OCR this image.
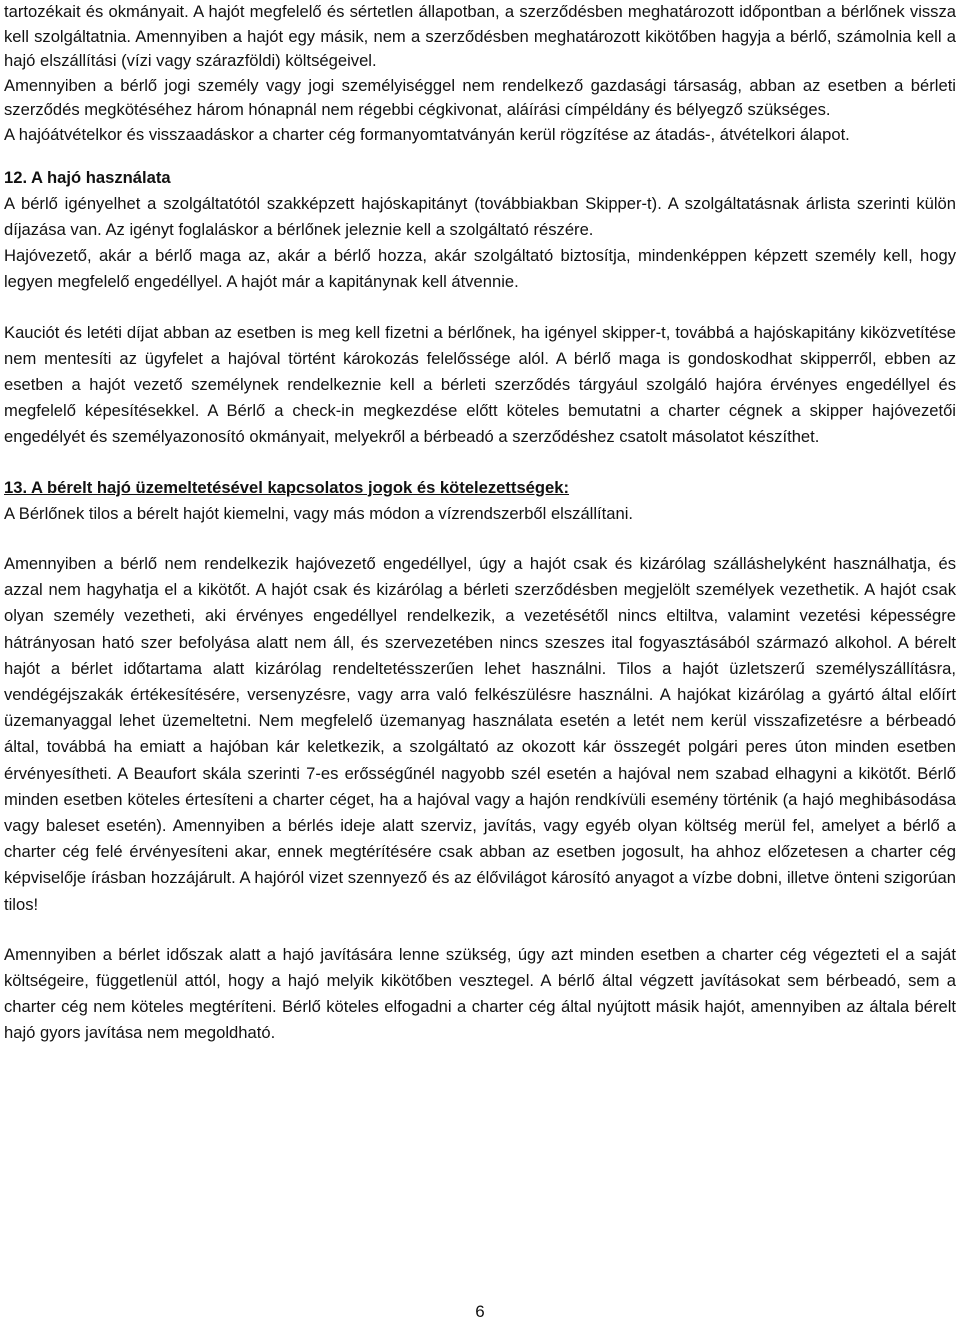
tartozékait és okmányait. A hajót megfelelő és sértetlen állapotban, a szerződésben meghatározott időpontban a bérlőnek vissza kell szolgáltatnia. Amennyiben a hajót egy másik, nem a szerződésben meghatározott kikötőben hagyja a bérlő, számolnia kell a hajó elszállítási (vízi vagy szárazföldi) költségeivel.

Amennyiben a bérlő jogi személy vagy jogi személyiséggel nem rendelkező gazdasági társaság, abban az esetben a bérleti szerződés megkötéséhez három hónapnál nem régebbi cégkivonat, aláírási címpéldány és bélyegző szükséges.

A hajóátvételkor és visszaadáskor a charter cég formanyomtatványán kerül rögzítése az átadás-, átvételkori álapot.

12. A hajó használata

A bérlő igényelhet a szolgáltatótól szakképzett hajóskapitányt (továbbiakban Skipper-t). A szolgáltatásnak árlista szerinti külön díjazása van. Az igényt foglaláskor a bérlőnek jeleznie kell a szolgáltató részére.

Hajóvezető, akár a bérlő maga az, akár a bérlő hozza, akár szolgáltató biztosítja, mindenképpen képzett személy kell, hogy legyen megfelelő engedéllyel. A hajót már a kapitánynak kell átvennie.

Kauciót és letéti díjat abban az esetben is meg kell fizetni a bérlőnek, ha igényel skipper-t, továbbá a hajóskapitány kiközvetítése nem mentesíti az ügyfelet a hajóval történt károkozás felelőssége alól. A bérlő maga is gondoskodhat skipperről, ebben az esetben a hajót vezető személynek rendelkeznie kell a bérleti szerződés tárgyául szolgáló hajóra érvényes engedéllyel és megfelelő képesítésekkel. A Bérlő a check-in megkezdése előtt köteles bemutatni a charter cégnek a skipper hajóvezetői engedélyét és személyazonosító okmányait, melyekről a bérbeadó a szerződéshez csatolt másolatot készíthet.

13. A bérelt hajó üzemeltetésével kapcsolatos jogok és kötelezettségek:

A Bérlőnek tilos a bérelt hajót kiemelni, vagy más módon a vízrendszerből elszállítani.

Amennyiben a bérlő nem rendelkezik hajóvezető engedéllyel, úgy a hajót csak és kizárólag szálláshelyként használhatja, és azzal nem hagyhatja el a kikötőt. A hajót csak és kizárólag a bérleti szerződésben megjelölt személyek vezethetik. A hajót csak olyan személy vezetheti, aki érvényes engedéllyel rendelkezik, a vezetésétől nincs eltiltva, valamint vezetési képességre hátrányosan ható szer befolyása alatt nem áll, és szervezetében nincs szeszes ital fogyasztásából származó alkohol. A bérelt hajót a bérlet időtartama alatt kizárólag rendeltetésszerűen lehet használni. Tilos a hajót üzletszerű személyszállításra, vendégéjszakák értékesítésére, versenyzésre, vagy arra való felkészülésre használni. A hajókat kizárólag a gyártó által előírt üzemanyaggal lehet üzemeltetni. Nem megfelelő üzemanyag használata esetén a letét nem kerül visszafizetésre a bérbeadó által, továbbá ha emiatt a hajóban kár keletkezik, a szolgáltató az okozott kár összegét polgári peres úton minden esetben érvényesítheti. A Beaufort skála szerinti 7-es erősségűnél nagyobb szél esetén a hajóval nem szabad elhagyni a kikötőt. Bérlő minden esetben köteles értesíteni a charter céget, ha a hajóval vagy a hajón rendkívüli esemény történik (a hajó meghibásodása vagy baleset esetén). Amennyiben a bérlés ideje alatt szerviz, javítás, vagy egyéb olyan költség merül fel, amelyet a bérlő a charter cég felé érvényesíteni akar, ennek megtérítésére csak abban az esetben jogosult, ha ahhoz előzetesen a charter cég képviselője írásban hozzájárult. A hajóról vizet szennyező és az élővilágot károsító anyagot a vízbe dobni, illetve önteni szigorúan tilos!

Amennyiben a bérlet időszak alatt a hajó javítására lenne szükség, úgy azt minden esetben a charter cég végezteti el a saját költségeire, függetlenül attól, hogy a hajó melyik kikötőben vesztegel. A bérlő által végzett javításokat sem bérbeadó, sem a charter cég nem köteles megtéríteni. Bérlő köteles elfogadni a charter cég által nyújtott másik hajót, amennyiben az általa bérelt hajó gyors javítása nem megoldható.

6
